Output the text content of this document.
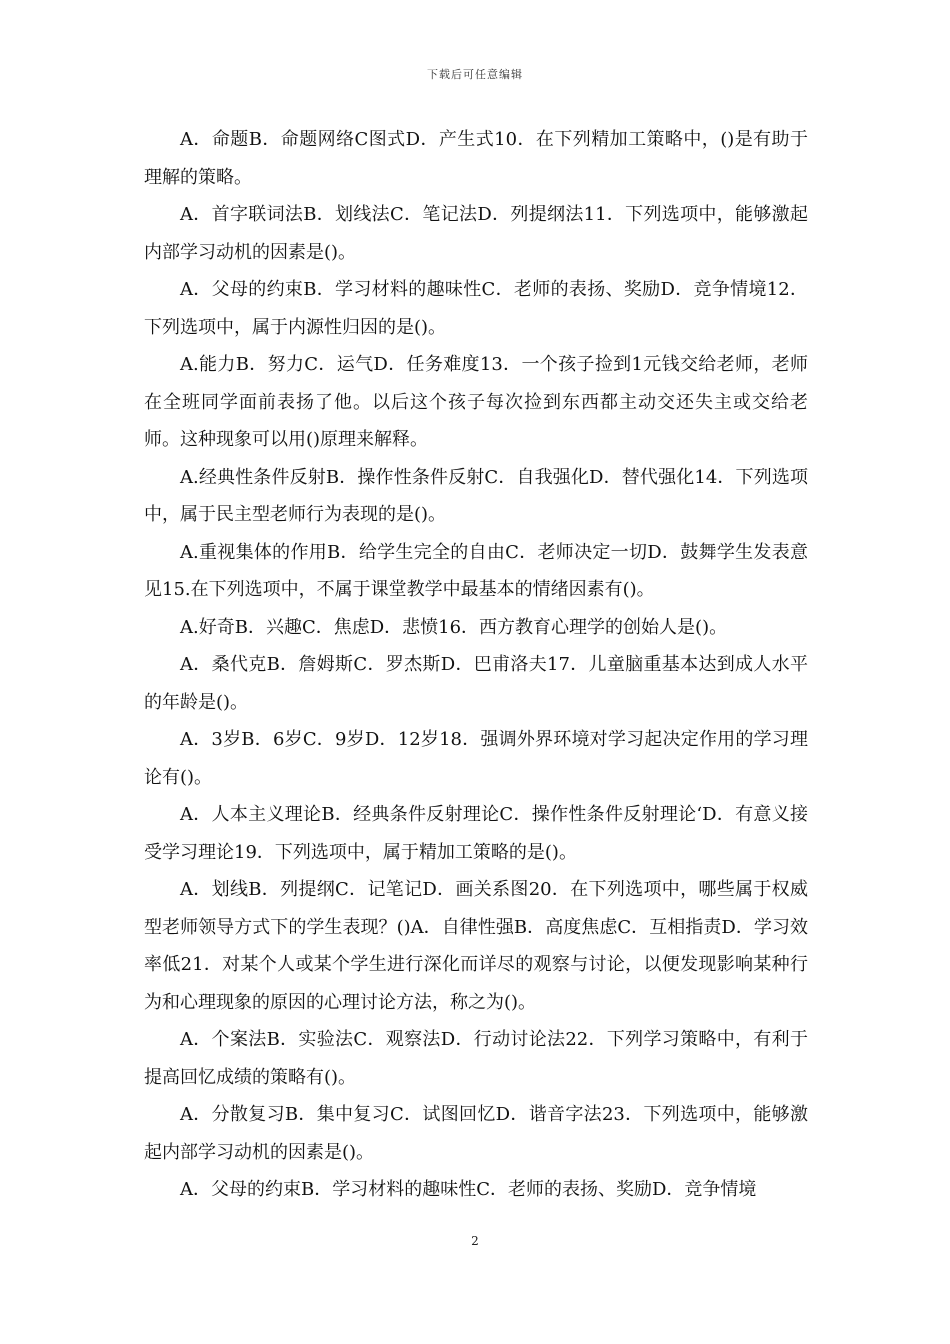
下载后可任意编辑

A．命题B．命题网络C图式D．产生式10．在下列精加工策略中，()是有助于理解的策略。

A．首字联词法B．划线法C．笔记法D．列提纲法11．下列选项中，能够激起内部学习动机的因素是()。

A．父母的约束B．学习材料的趣味性C．老师的表扬、奖励D．竞争情境12．下列选项中，属于内源性归因的是()。

A.能力B．努力C．运气D．任务难度13．一个孩子捡到1元钱交给老师，老师在全班同学面前表扬了他。以后这个孩子每次捡到东西都主动交还失主或交给老师。这种现象可以用()原理来解释。

A.经典性条件反射B．操作性条件反射C．自我强化D．替代强化14．下列选项中，属于民主型老师行为表现的是()。

A.重视集体的作用B．给学生完全的自由C．老师决定一切D．鼓舞学生发表意见15.在下列选项中，不属于课堂教学中最基本的情绪因素有()。

A.好奇B．兴趣C．焦虑D．悲愤16．西方教育心理学的创始人是()。

A．桑代克B．詹姆斯C．罗杰斯D．巴甫洛夫17．儿童脑重基本达到成人水平的年龄是()。

A．3岁B．6岁C．9岁D．12岁18．强调外界环境对学习起决定作用的学习理论有()。

A．人本主义理论B．经典条件反射理论C．操作性条件反射理论‘D．有意义接受学习理论19．下列选项中，属于精加工策略的是()。

A．划线B．列提纲C．记笔记D．画关系图20．在下列选项中，哪些属于权威型老师领导方式下的学生表现？()A．自律性强B．高度焦虑C．互相指责D．学习效率低21．对某个人或某个学生进行深化而详尽的观察与讨论，以便发现影响某种行为和心理现象的原因的心理讨论方法，称之为()。

A．个案法B．实验法C．观察法D．行动讨论法22．下列学习策略中，有利于提高回忆成绩的策略有()。

A．分散复习B．集中复习C．试图回忆D．谐音字法23．下列选项中，能够激起内部学习动机的因素是()。

A．父母的约束B．学习材料的趣味性C．老师的表扬、奖励D．竞争情境

2
